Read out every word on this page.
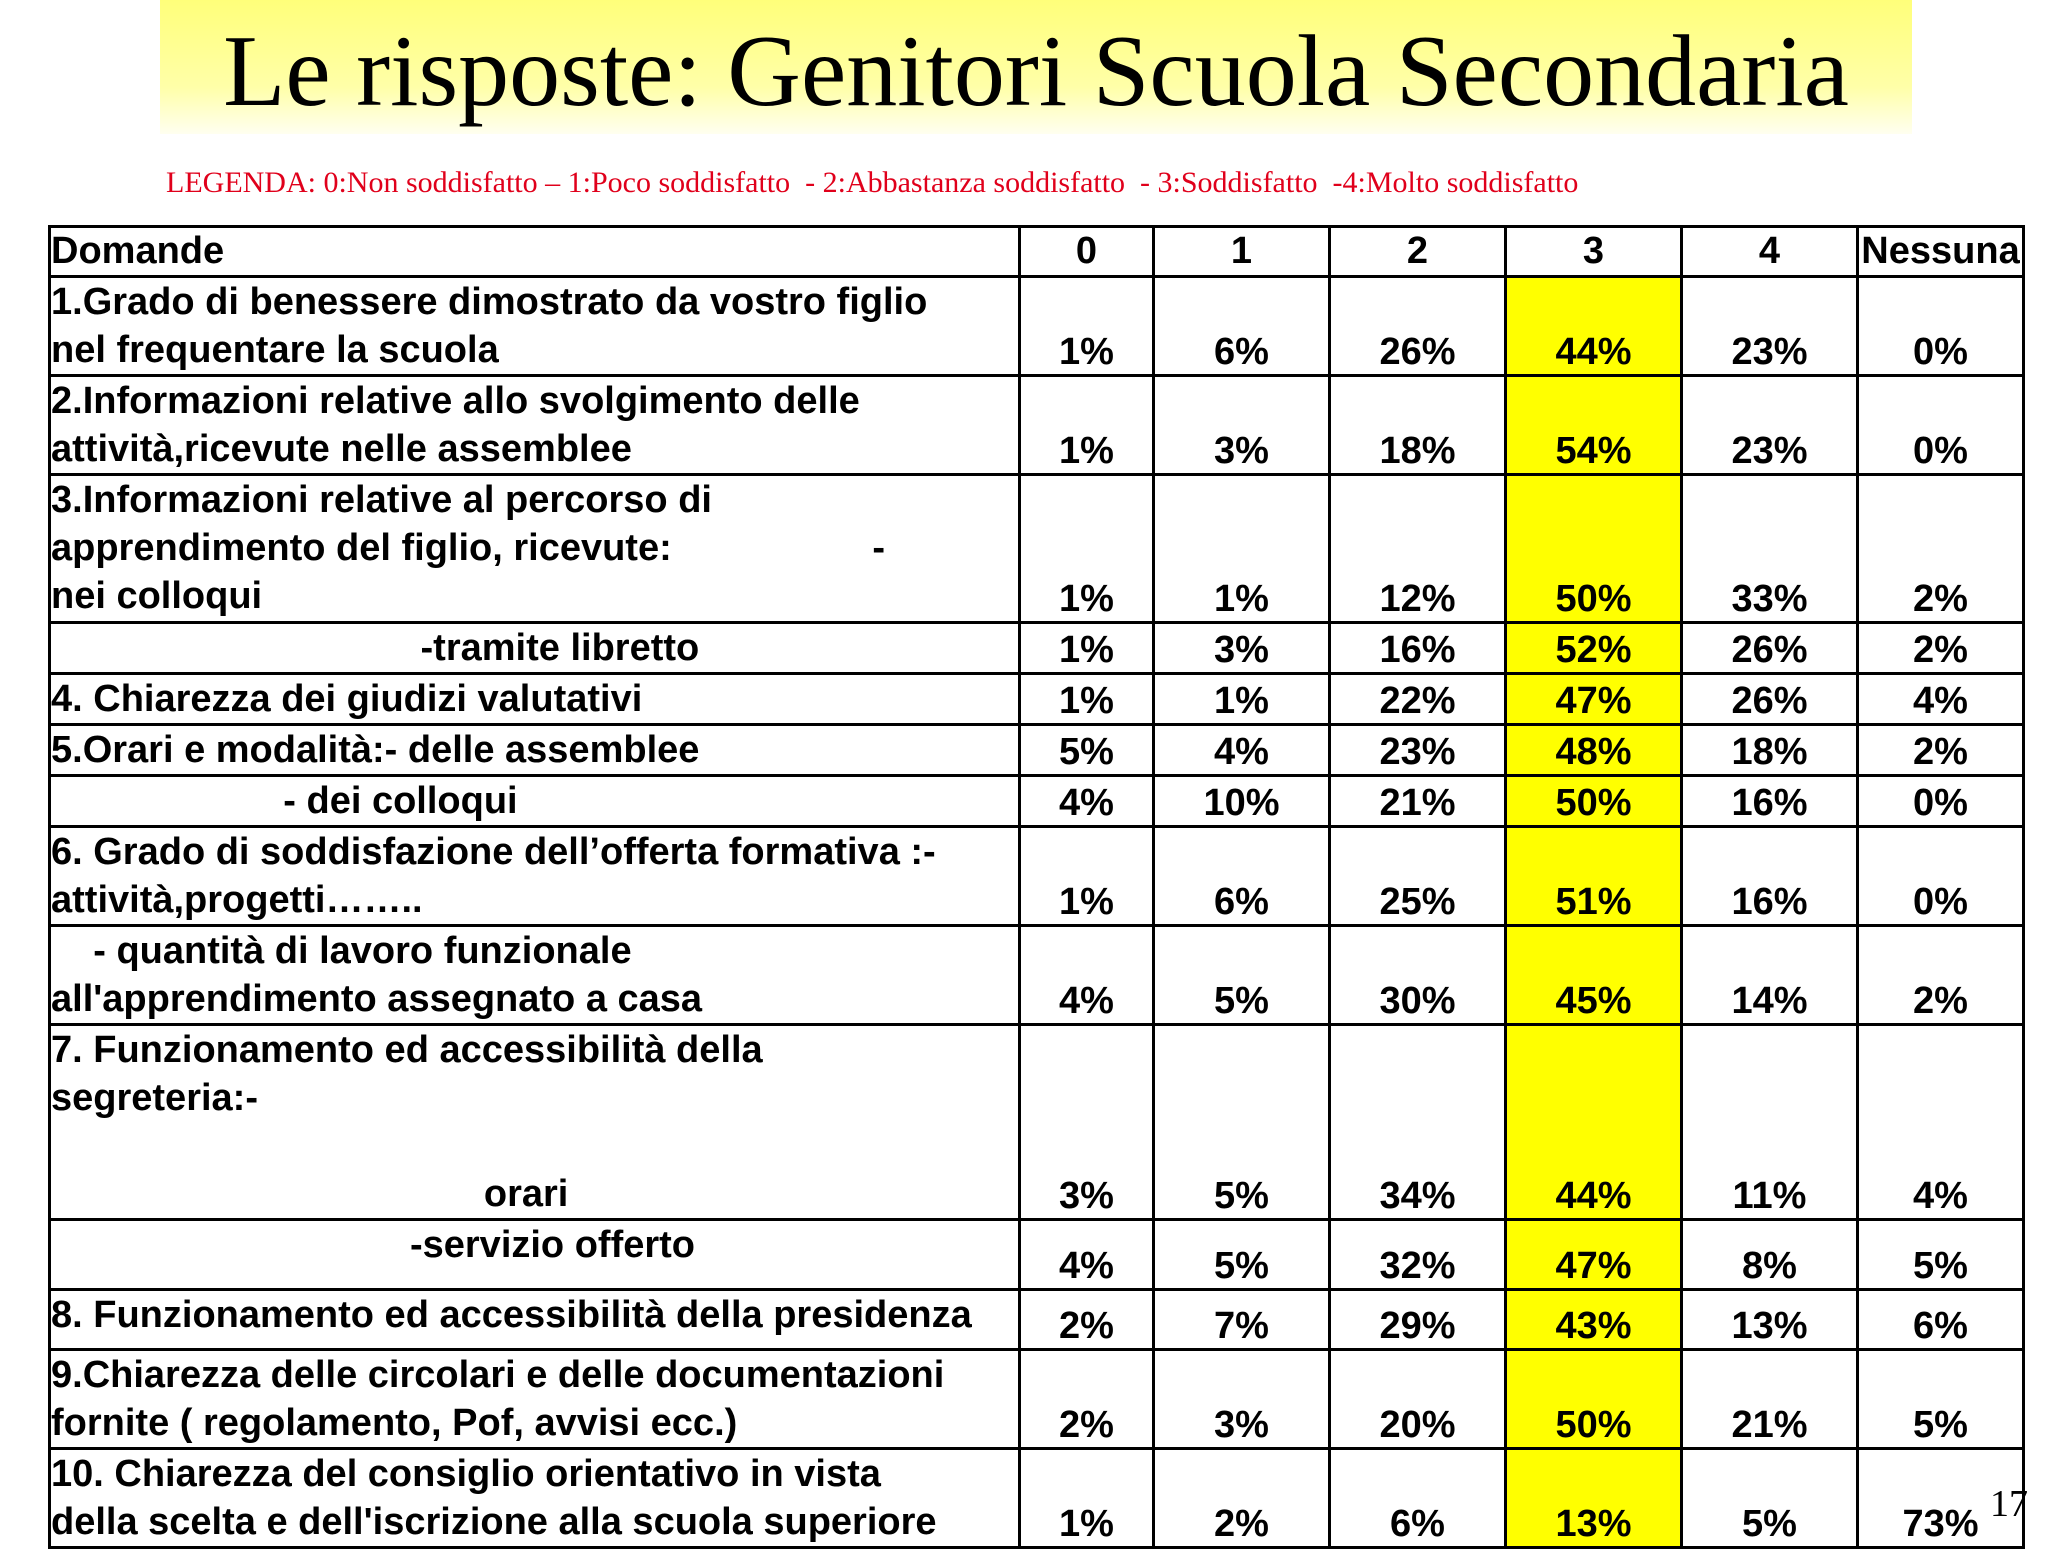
Le risposte: Genitori Scuola Secondaria
LEGENDA: 0:Non soddisfatto – 1:Poco soddisfatto  - 2:Abbastanza soddisfatto  - 3:Soddisfatto  -4:Molto soddisfatto
Domande	0	1	2	3	4	Nessuna
1.Grado di benessere dimostrato da vostro figlio
nel frequentare la scuola	1%	6%	26%	44%	23%	0%
2.Informazioni relative allo svolgimento delle
attività,ricevute nelle assemblee	1%	3%	18%	54%	23%	0%
3.Informazioni relative al percorso di
apprendimento del figlio, ricevute:                   -
nei colloqui	1%	1%	12%	50%	33%	2%
-tramite libretto	1%	3%	16%	52%	26%	2%
4. Chiarezza dei giudizi valutativi	1%	1%	22%	47%	26%	4%
5.Orari e modalità:- delle assemblee	5%	4%	23%	48%	18%	2%
- dei colloqui	4%	10%	21%	50%	16%	0%
6. Grado di soddisfazione dell’offerta formativa :-
attività,progetti……..	1%	6%	25%	51%	16%	0%
- quantità di lavoro funzionale
all'apprendimento assegnato a casa	4%	5%	30%	45%	14%	2%
7. Funzionamento ed accessibilità della
segreteria:-

orari	3%	5%	34%	44%	11%	4%
-servizio offerto	4%	5%	32%	47%	8%	5%
8. Funzionamento ed accessibilità della presidenza	2%	7%	29%	43%	13%	6%
9.Chiarezza delle circolari e delle documentazioni
fornite ( regolamento, Pof, avvisi ecc.)	2%	3%	20%	50%	21%	5%
10. Chiarezza del consiglio orientativo in vista
della scelta e dell'iscrizione alla scuola superiore	1%	2%	6%	13%	5%	73% 17
